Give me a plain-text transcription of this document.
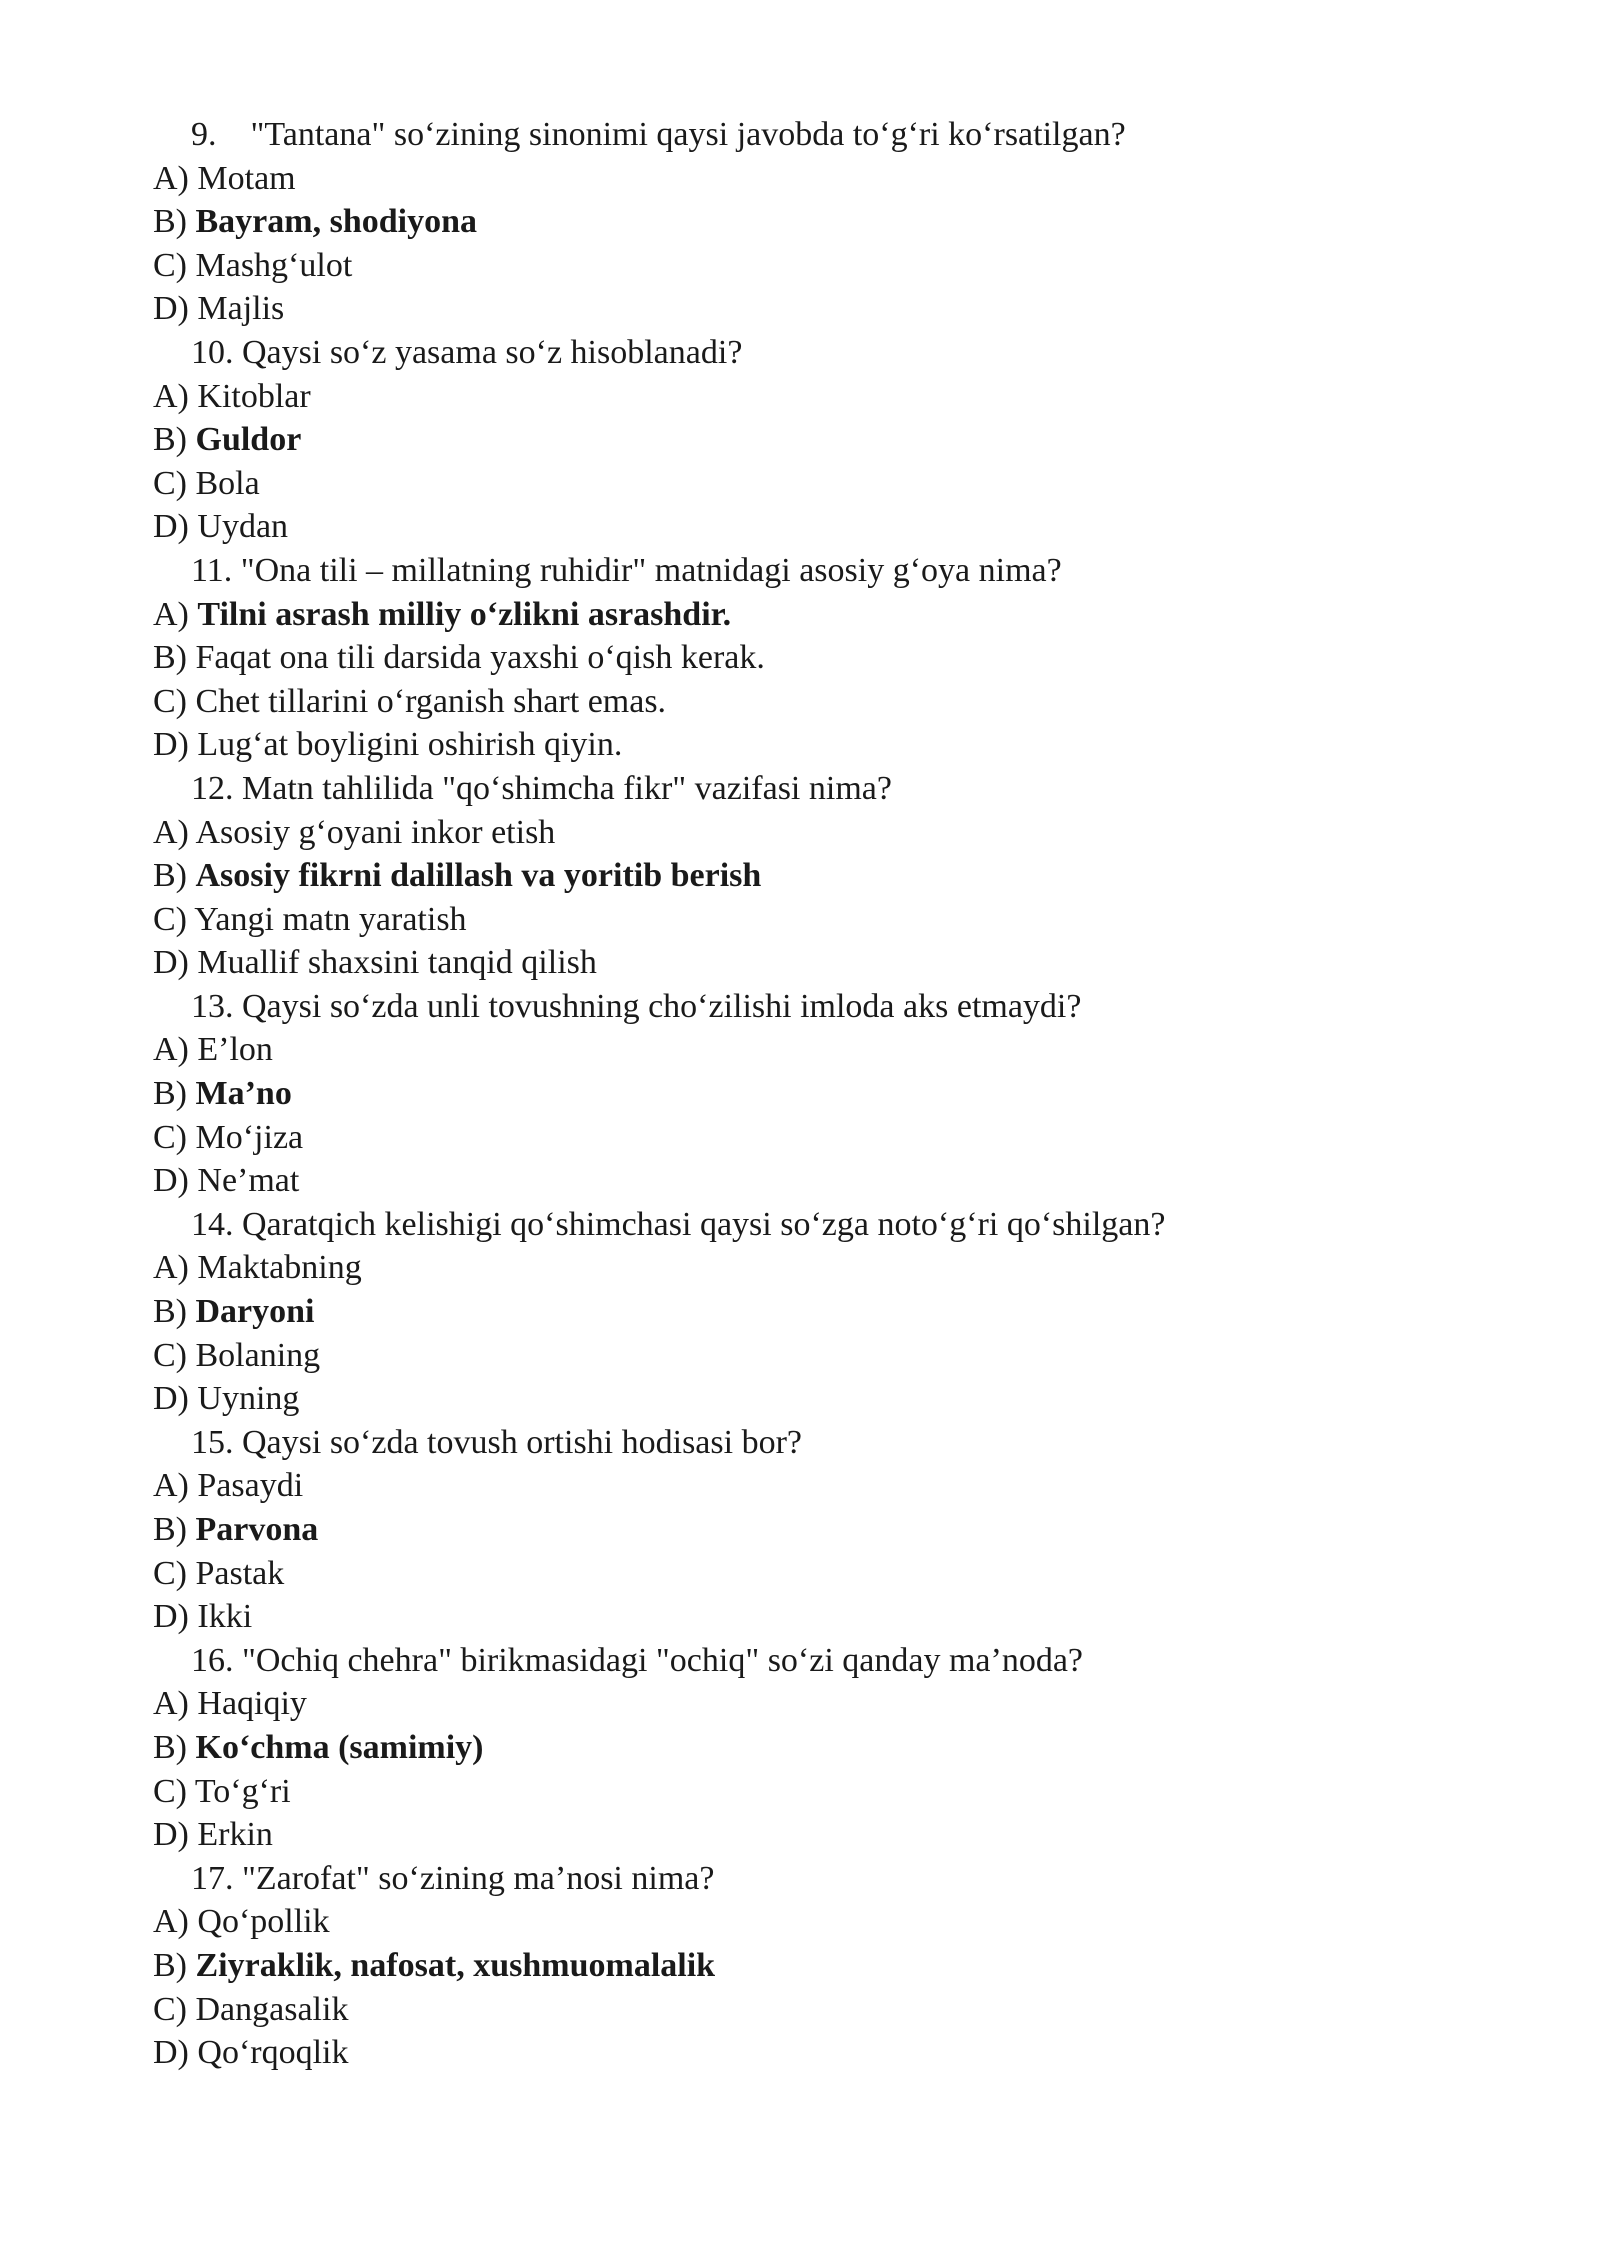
9. "Tantana" so‘zining sinonimi qaysi javobda to‘g‘ri ko‘rsatilgan?
A) Motam
B) Bayram, shodiyona
C) Mashg‘ulot
D) Majlis
10. Qaysi so‘z yasama so‘z hisoblanadi?
A) Kitoblar
B) Guldor
C) Bola
D) Uydan
11. "Ona tili – millatning ruhidir" matnidagi asosiy g‘oya nima?
A) Tilni asrash milliy o‘zlikni asrashdir.
B) Faqat ona tili darsida yaxshi o‘qish kerak.
C) Chet tillarini o‘rganish shart emas.
D) Lug‘at boyligini oshirish qiyin.
12. Matn tahlilida "qo‘shimcha fikr" vazifasi nima?
A) Asosiy g‘oyani inkor etish
B) Asosiy fikrni dalillash va yoritib berish
C) Yangi matn yaratish
D) Muallif shaxsini tanqid qilish
13. Qaysi so‘zda unli tovushning cho‘zilishi imloda aks etmaydi?
A) E’lon
B) Ma’no
C) Mo‘jiza
D) Ne’mat
14. Qaratqich kelishigi qo‘shimchasi qaysi so‘zga noto‘g‘ri qo‘shilgan?
A) Maktabning
B) Daryoni
C) Bolaning
D) Uyning
15. Qaysi so‘zda tovush ortishi hodisasi bor?
A) Pasaydi
B) Parvona
C) Pastak
D) Ikki
16. "Ochiq chehra" birikmasidagi "ochiq" so‘zi qanday ma’noda?
A) Haqiqiy
B) Ko‘chma (samimiy)
C) To‘g‘ri
D) Erkin
17. "Zarofat" so‘zining ma’nosi nima?
A) Qo‘pollik
B) Ziyraklik, nafosat, xushmuomalalik
C) Dangasalik
D) Qo‘rqoqlik
